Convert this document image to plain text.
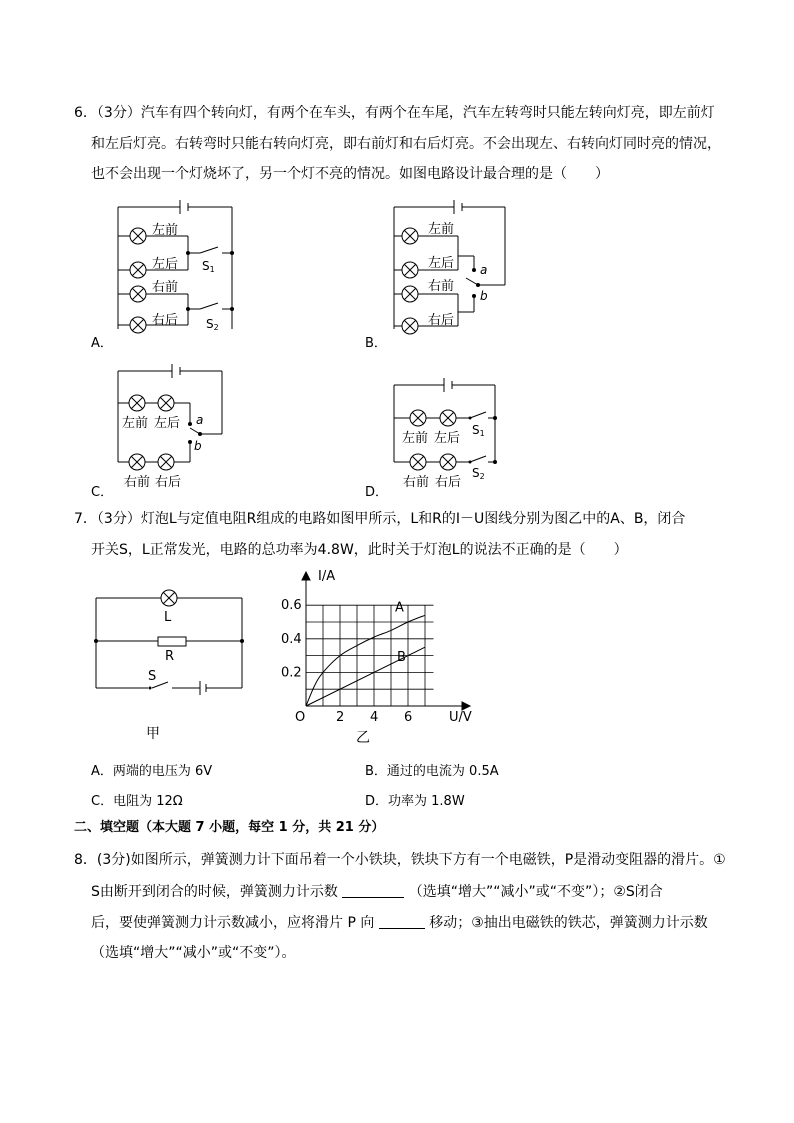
6．（3分）汽车有四个转向灯，有两个在车头，有两个在车尾，汽车左转弯时只能左转向灯亮，即左前灯
和左后灯亮。右转弯时只能右转向灯亮，即右前灯和右后灯亮。不会出现左、右转向灯同时亮的情况，
也不会出现一个灯烧坏了，另一个灯不亮的情况。如图电路设计最合理的是（　　）
左前
左后
右前
右后
S1
S2
A．
左前
左后
右前
右后
a
b
B．
左前 左后
右前 右后
a
b
C．
左前 左后
右前 右后
S1
S2
D．
7．（3分）灯泡L与定值电阻R组成的电路如图甲所示，L和R的I－U图线分别为图乙中的A、B，闭合
开关S，L正常发光，电路的总功率为4.8W，此时关于灯泡L的说法不正确的是（　　）
L
R
S
甲
2 4 6
0.2
0.4
0.6	A
B
I/A
U/V
O
乙
A．两端的电压为 6V	B．通过的电流为 0.5A
C．电阻为 12Ω	D．功率为 1.8W
二、填空题（本大题 7 小题，每空 1 分，共 21 分）
8．(3分)如图所示，弹簧测力计下面吊着一个小铁块，铁块下方有一个电磁铁，P是滑动变阻器的滑片。①
S由断开到闭合的时候，弹簧测力计示数	（选填“增大”“减小”或“不变”）；②S闭合
后，要使弹簧测力计示数减小，应将滑片 P 向	移动；③抽出电磁铁的铁芯，弹簧测力计示数
（选填“增大”“减小”或“不变”）。
